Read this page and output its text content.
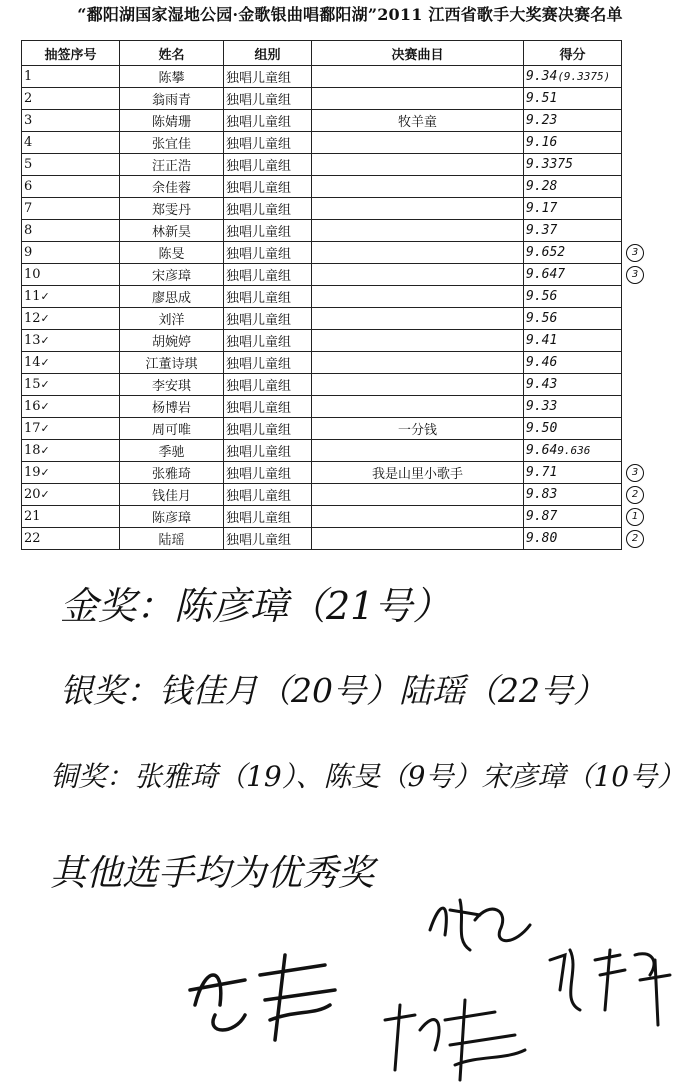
“鄱阳湖国家湿地公园·金歌银曲唱鄱阳湖”2011 江西省歌手大奖赛决赛名单
抽签序号	姓名	组别	决赛曲目	得分
1	陈攀	独唱儿童组		9.34(9.3375)
2	翁雨青	独唱儿童组		9.51
3	陈婧珊	独唱儿童组	牧羊童	9.23
4	张宜佳	独唱儿童组		9.16
5	汪正浩	独唱儿童组		9.3375
6	余佳蓉	独唱儿童组		9.28
7	郑雯丹	独唱儿童组		9.17
8	林新昊	独唱儿童组		9.37
9	陈旻	独唱儿童组		9.652
10	宋彦璋	独唱儿童组		9.647
11✓	廖思成	独唱儿童组		9.56
12✓	刘洋	独唱儿童组		9.56
13✓	胡婉婷	独唱儿童组		9.41
14✓	江董诗琪	独唱儿童组		9.46
15✓	李安琪	独唱儿童组		9.43
16✓	杨博岩	独唱儿童组		9.33
17✓	周可唯	独唱儿童组	一分钱	9.50
18✓	季驰	独唱儿童组		9.649.636
19✓	张雅琦	独唱儿童组	我是山里小歌手	9.71
20✓	钱佳月	独唱儿童组		9.83
21	陈彦璋	独唱儿童组		9.87
22	陆瑶	独唱儿童组		9.80
金奖：陈彦璋（21号）
银奖：钱佳月（20号）陆瑶（22号）
铜奖：张雅琦（19）、陈旻（9号）宋彦璋（10号）
其他选手均为优秀奖
3
3
3
2
1
2
